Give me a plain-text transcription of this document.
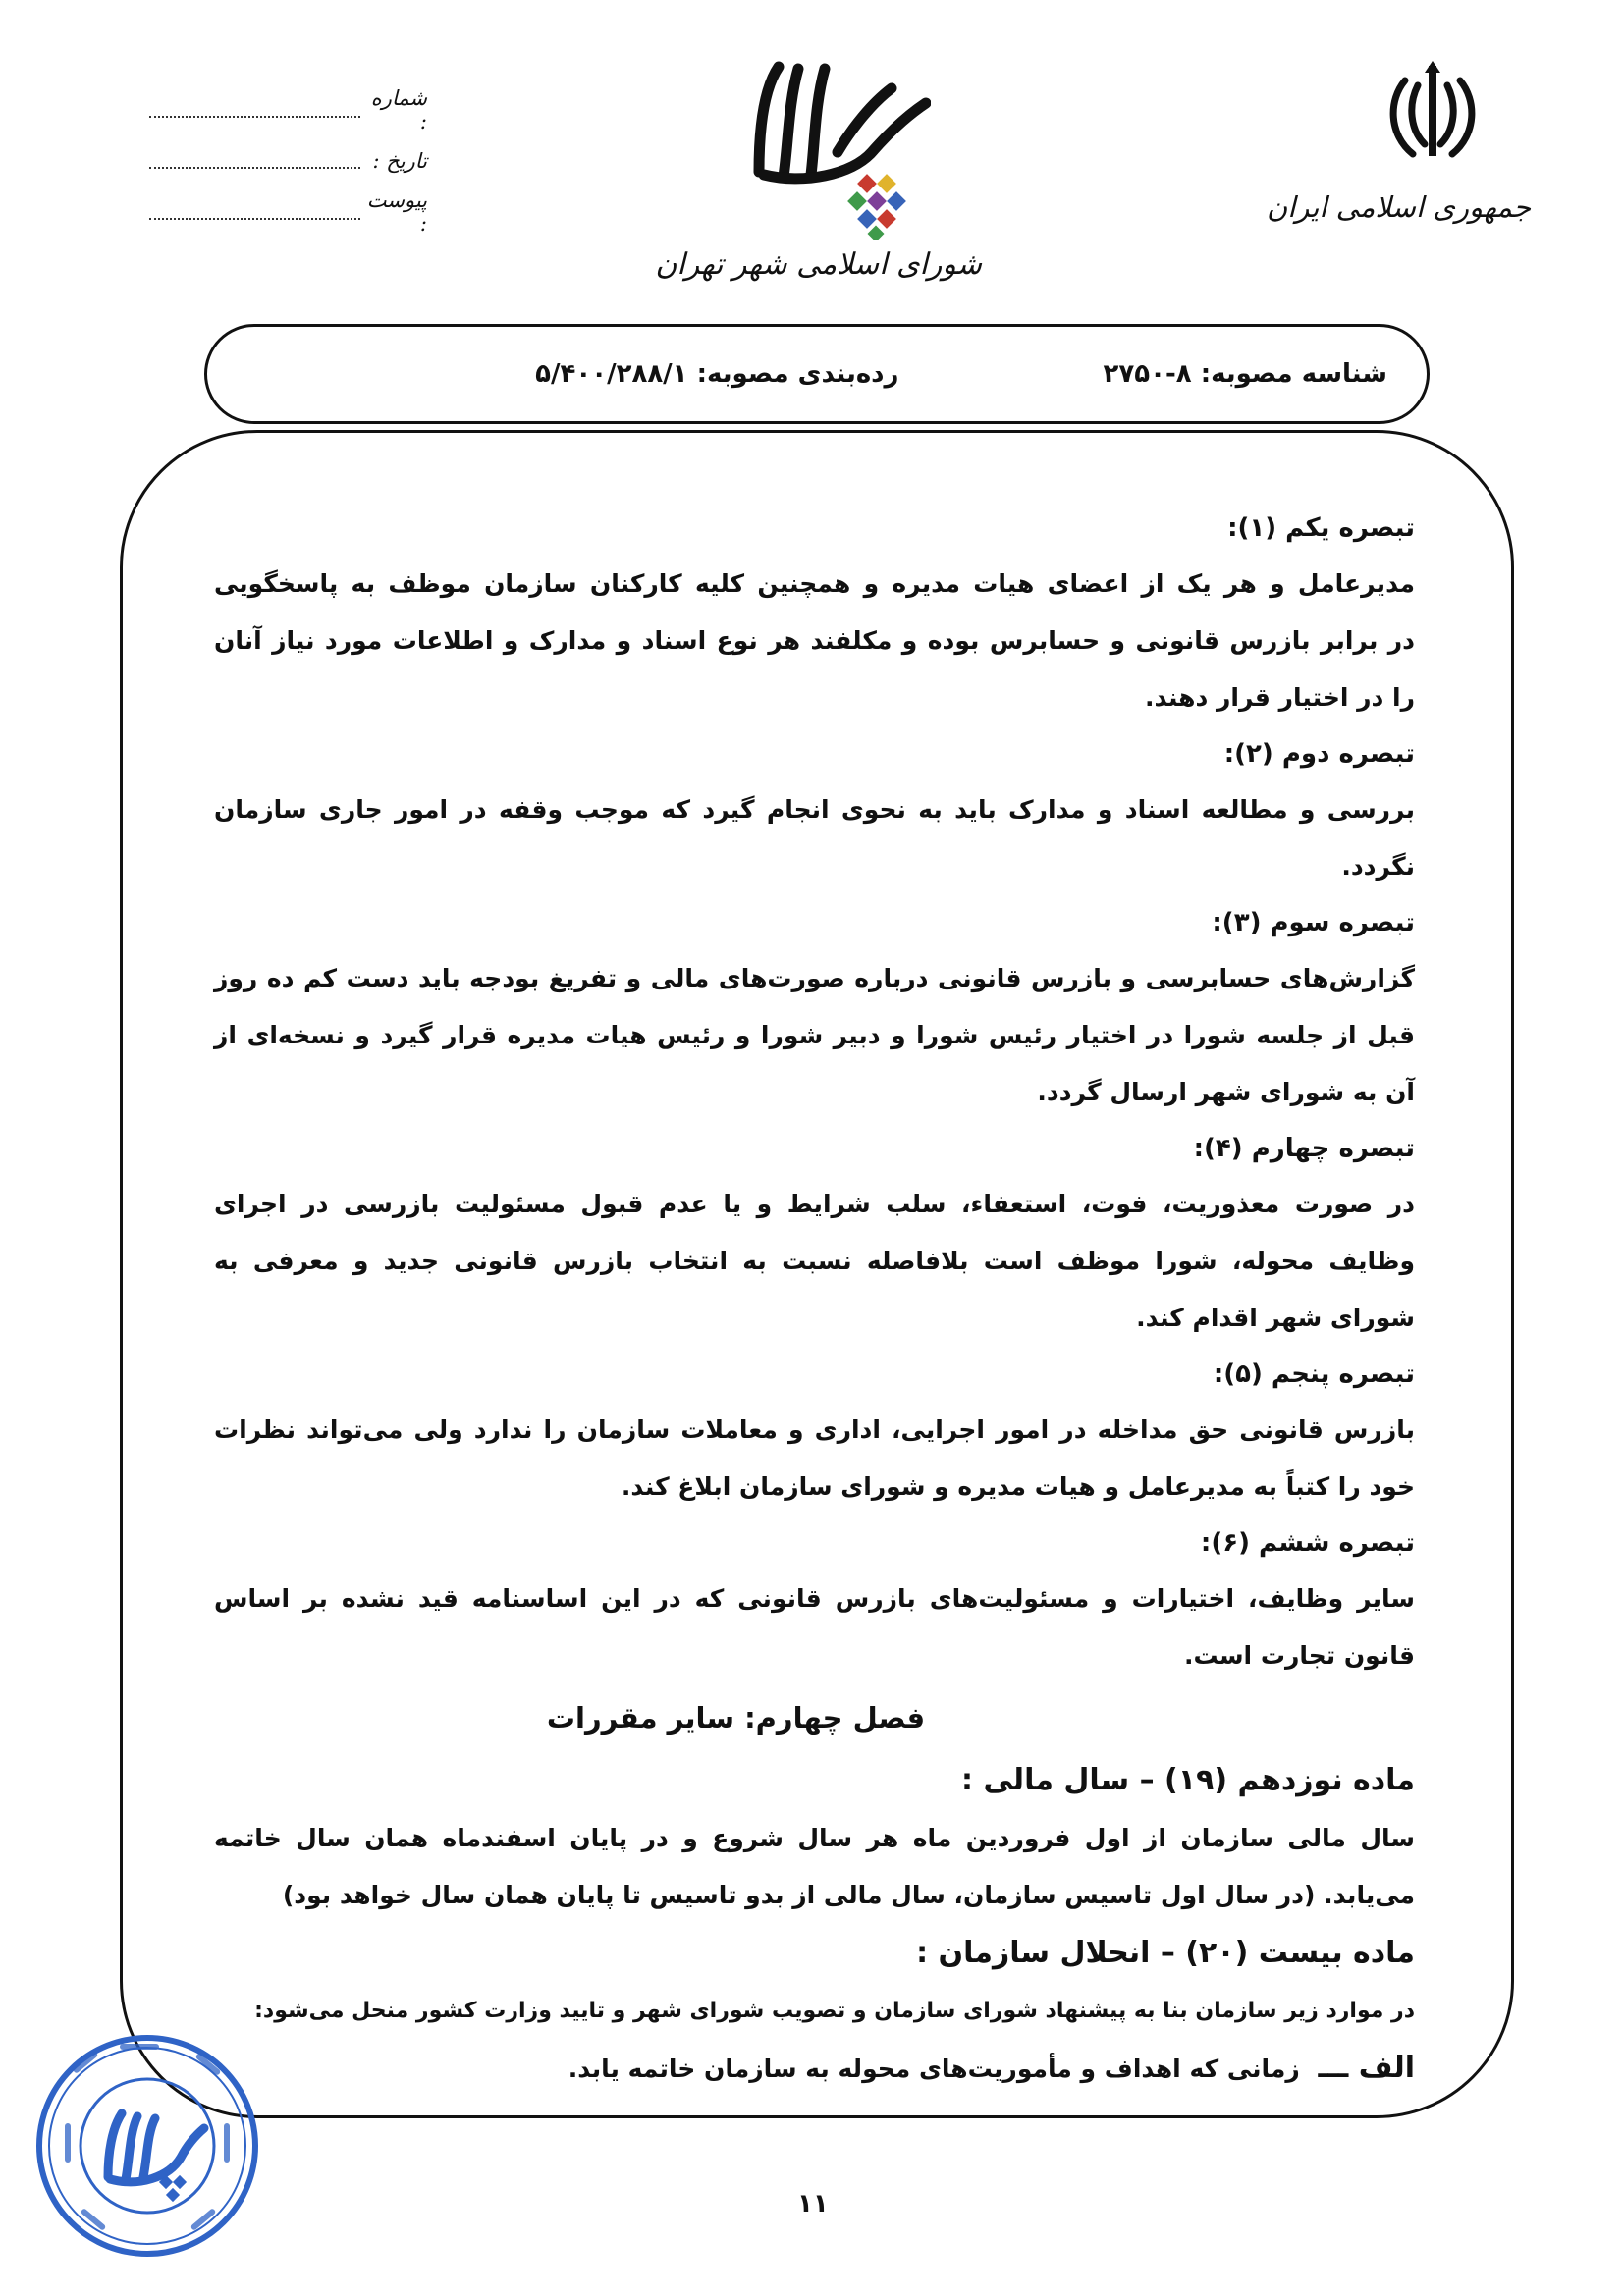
جمهوری اسلامی ایران
شورای اسلامی شهر تهران
شماره :
تاریخ :
پیوست :
شناسه مصوبه: ۸-۲۷۵۰
رده‌بندی مصوبه: ۵/۴۰۰/۲۸۸/۱
تبصره یکم (۱):
مدیرعامل و هر یک از اعضای هیات مدیره و همچنین کلیه کارکنان سازمان موظف به پاسخگویی
در برابر بازرس قانونی و حسابرس بوده و مکلفند هر نوع اسناد و مدارک و اطلاعات مورد نیاز آنان
را در اختیار قرار دهند.
تبصره دوم (۲):
بررسی و مطالعه اسناد و مدارک باید به نحوی انجام گیرد که موجب وقفه در امور جاری سازمان
نگردد.
تبصره سوم (۳):
گزارش‌های حسابرسی و بازرس قانونی درباره صورت‌های مالی و تفریغ بودجه باید دست کم ده روز
قبل از جلسه شورا در اختیار رئیس شورا و دبیر شورا و رئیس هیات مدیره قرار گیرد و نسخه‌ای از
آن به شورای شهر ارسال گردد.
تبصره چهارم (۴):
در صورت معذوریت، فوت، استعفاء، سلب شرایط و یا عدم قبول مسئولیت بازرسی در اجرای
وظایف محوله، شورا موظف است بلافاصله نسبت به انتخاب بازرس قانونی جدید و معرفی به
شورای شهر اقدام کند.
تبصره پنجم (۵):
بازرس قانونی حق مداخله در امور اجرایی، اداری و معاملات سازمان را ندارد ولی می‌تواند نظرات
خود را کتباً به مدیرعامل و هیات مدیره و شورای سازمان ابلاغ کند.
تبصره ششم (۶):
سایر وظایف، اختیارات و مسئولیت‌های بازرس قانونی که در این اساسنامه قید نشده بر اساس
قانون تجارت است.
فصل چهارم: سایر مقررات
ماده نوزدهم (۱۹) – سال مالی :
سال مالی سازمان از اول فروردین ماه هر سال شروع و در پایان اسفندماه همان سال خاتمه
می‌یابد. (در سال اول تاسیس سازمان، سال مالی از بدو تاسیس تا پایان همان سال خواهد بود)
ماده بیست (۲۰) – انحلال سازمان :
در موارد زیر سازمان بنا به پیشنهاد شورای سازمان و تصویب شورای شهر و تایید وزارت کشور منحل می‌شود:
الف ـــ زمانی که اهداف و مأموریت‌های محوله به سازمان خاتمه یابد.
۱۱
